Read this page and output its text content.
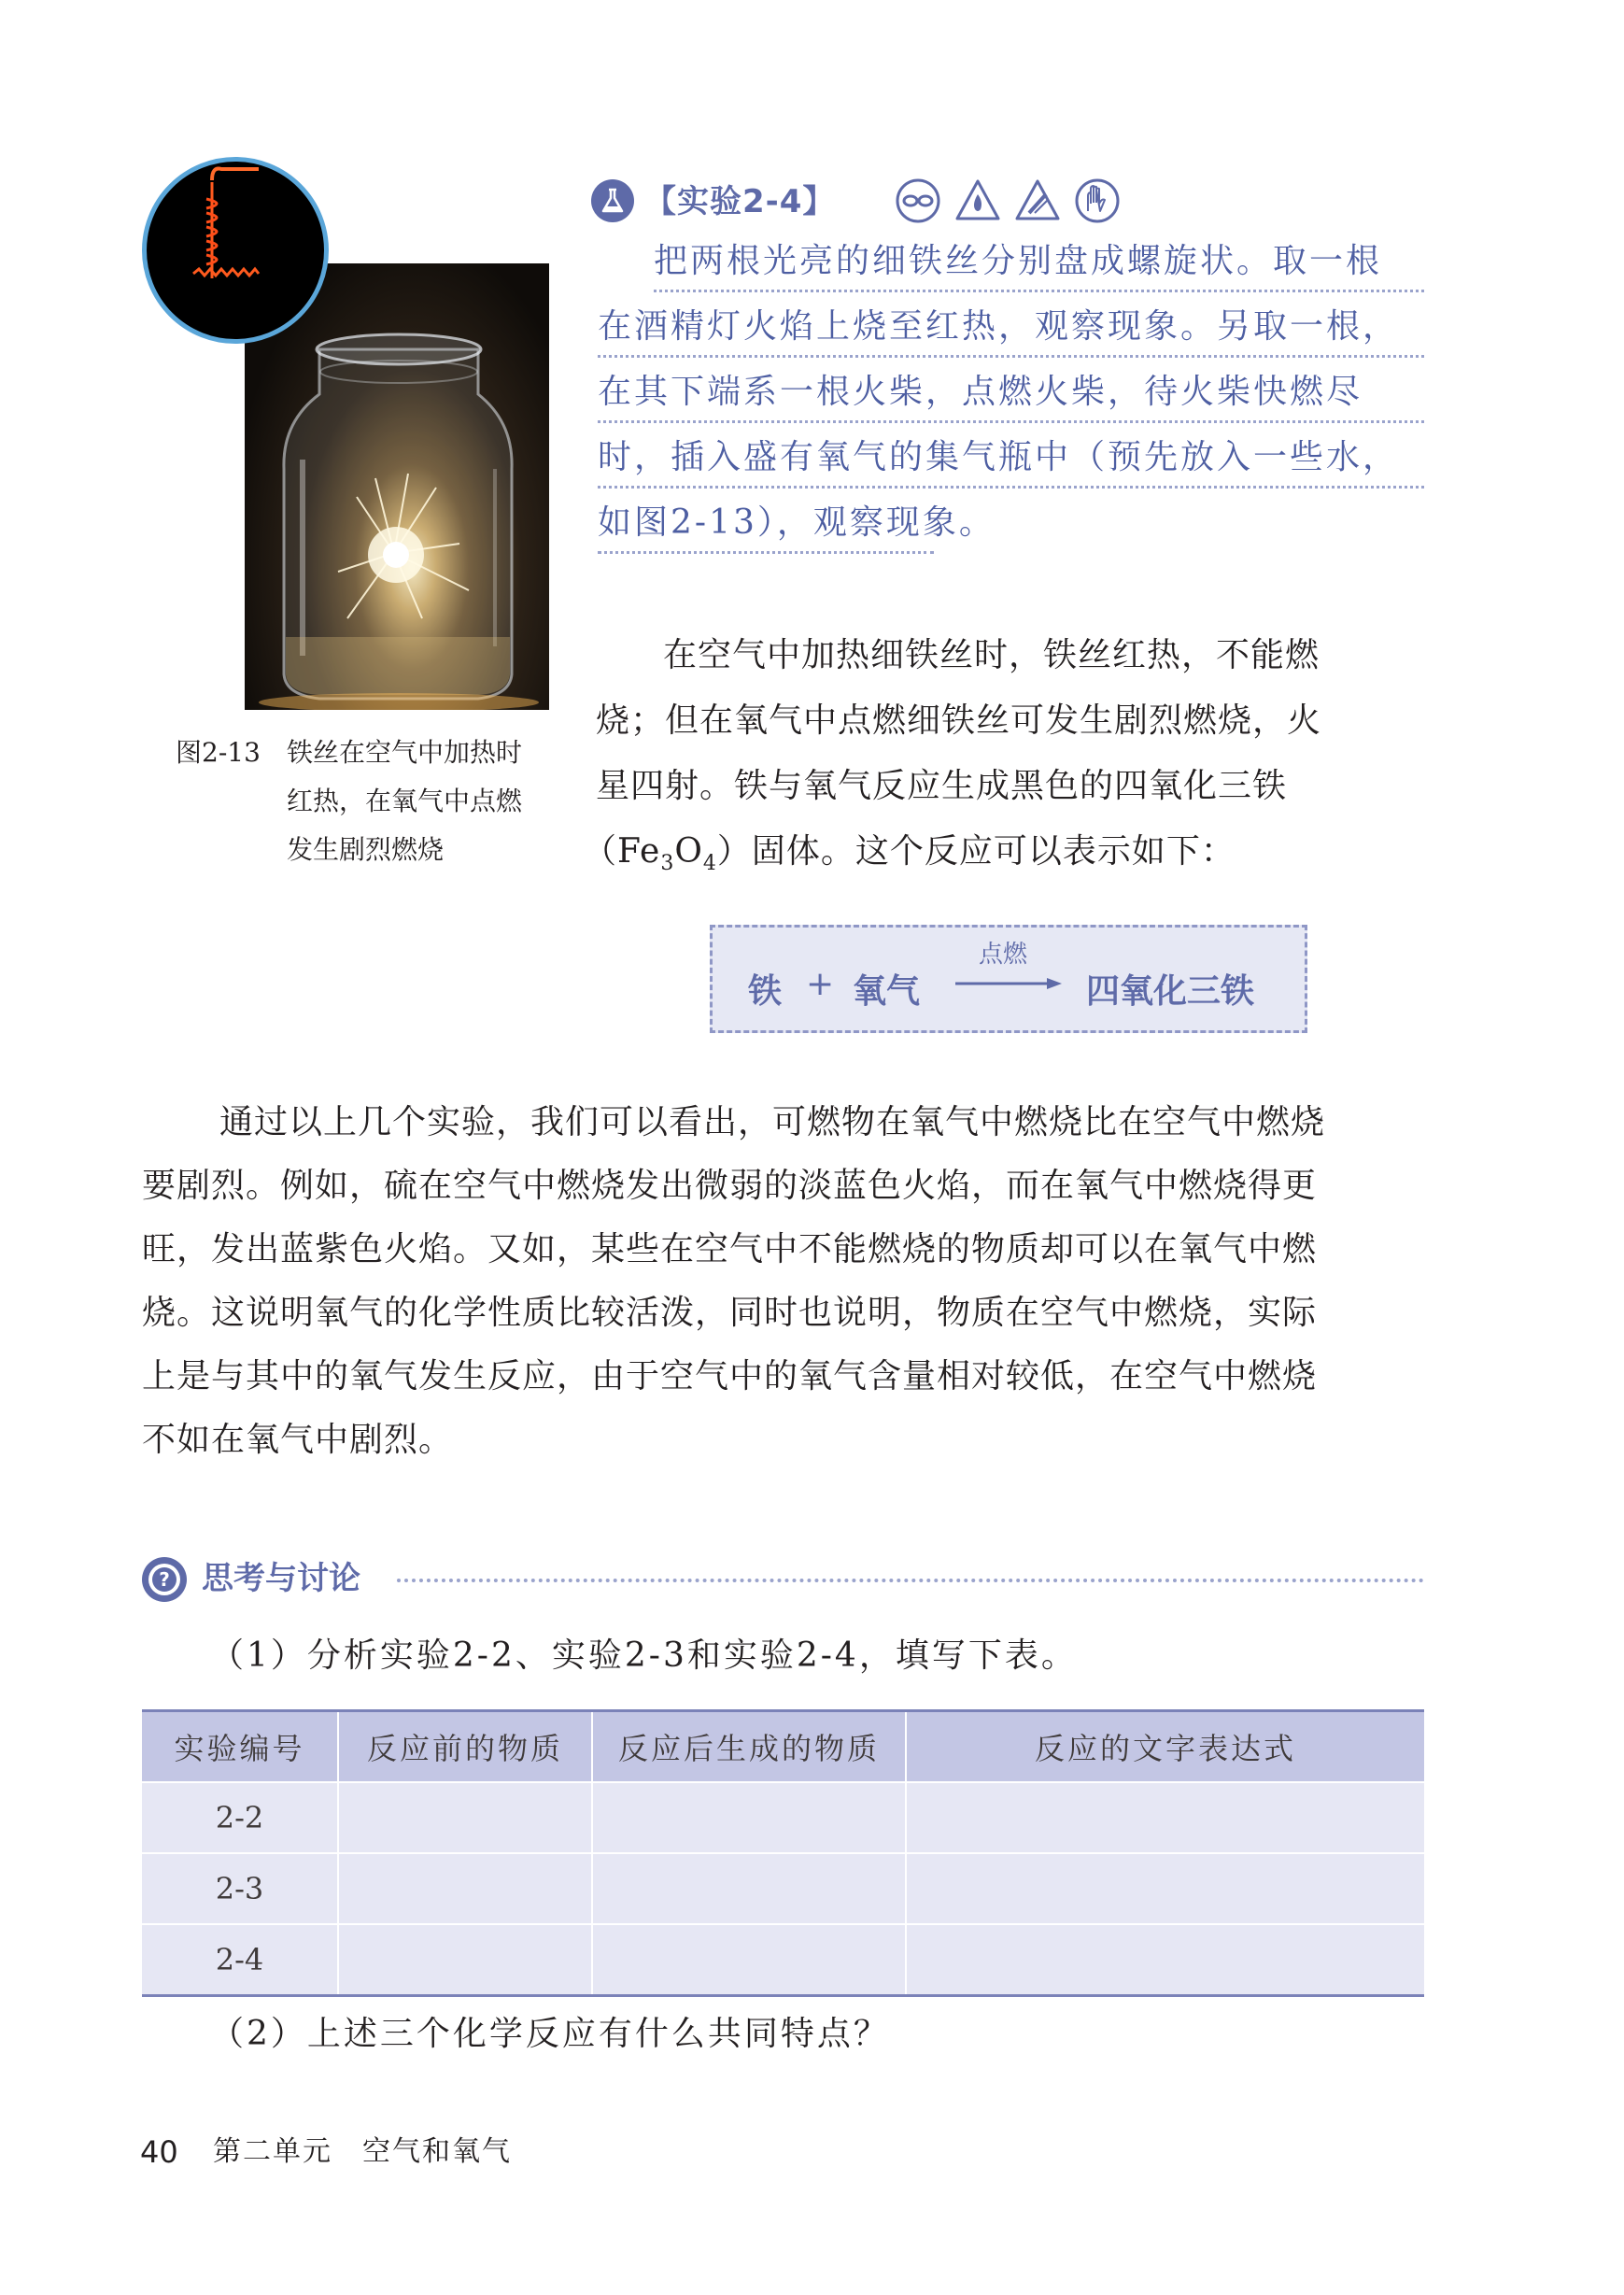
图2-13 铁丝在空气中加热时
红热，在氧气中点燃
发生剧烈燃烧
【实验2-4】
把两根光亮的细铁丝分别盘成螺旋状。取一根
在酒精灯火焰上烧至红热，观察现象。另取一根，
在其下端系一根火柴，点燃火柴，待火柴快燃尽
时，插入盛有氧气的集气瓶中（预先放入一些水，
如图2-13），观察现象。
在空气中加热细铁丝时，铁丝红热，不能燃
烧；但在氧气中点燃细铁丝可发生剧烈燃烧，火
星四射。铁与氧气反应生成黑色的四氧化三铁
$(Fe_3O_4)$固体。这个反应可以表示如下：
铁 + 氧气
点燃
四氧化三铁
通过以上几个实验，我们可以看出，可燃物在氧气中燃烧比在空气中燃烧
要剧烈。例如，硫在空气中燃烧发出微弱的淡蓝色火焰，而在氧气中燃烧得更
旺，发出蓝紫色火焰。又如，某些在空气中不能燃烧的物质却可以在氧气中燃
烧。这说明氧气的化学性质比较活泼，同时也说明，物质在空气中燃烧，实际
上是与其中的氧气发生反应，由于空气中的氧气含量相对较低，在空气中燃烧
不如在氧气中剧烈。
? 思考与讨论
（1）分析实验2-2、实验2-3和实验2-4，填写下表。
实验编号	反应前的物质	反应后生成的物质	反应的文字表达式
2-2			
2-3			
2-4			
（2）上述三个化学反应有什么共同特点？
40 第二单元　空气和氧气
